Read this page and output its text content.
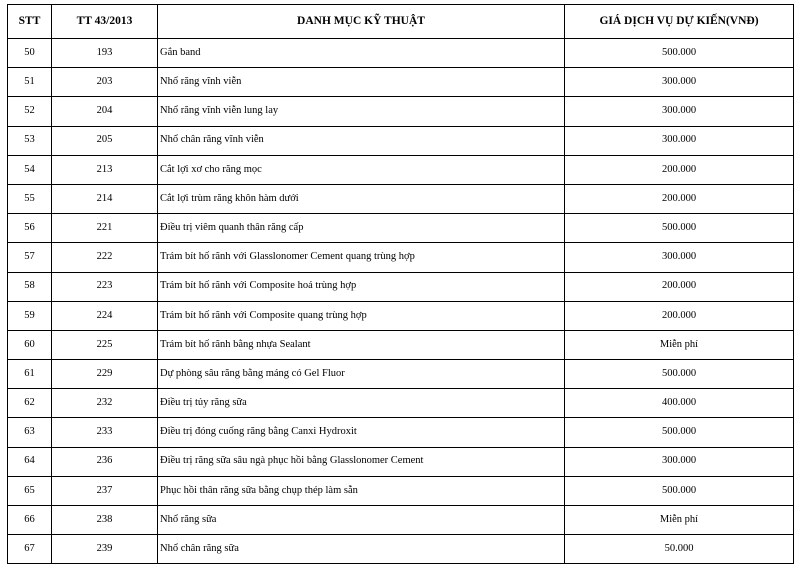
STT	TT 43/2013	DANH MỤC KỸ THUẬT	GIÁ DỊCH VỤ DỰ KIẾN(VNĐ)
50	193	Gắn band	500.000
51	203	Nhổ răng vĩnh viễn	300.000
52	204	Nhổ răng vĩnh viễn lung lay	300.000
53	205	Nhổ chân răng vĩnh viễn	300.000
54	213	Cắt lợi xơ cho răng mọc	200.000
55	214	Cắt lợi trùm răng khôn hàm dưới	200.000
56	221	Điều trị viêm quanh thân răng cấp	500.000
57	222	Trám bít hố rãnh với Glasslonomer Cement quang trùng hợp	300.000
58	223	Trám bít hố rãnh với Composite hoá trùng hợp	200.000
59	224	Trám bít hố rãnh với Composite quang trùng hợp	200.000
60	225	Trám bít hố rãnh bằng nhựa Sealant	Miễn phí
61	229	Dự phòng sâu răng bằng máng có Gel Fluor	500.000
62	232	Điều trị tủy răng sữa	400.000
63	233	Điều trị đóng cuống răng bằng Canxi Hydroxit	500.000
64	236	Điều trị răng sữa sâu ngà phục hồi bằng Glasslonomer Cement	300.000
65	237	Phục hồi thân răng sữa bằng chụp thép làm sẵn	500.000
66	238	Nhổ răng sữa	Miễn phí
67	239	Nhổ chân răng sữa	50.000
